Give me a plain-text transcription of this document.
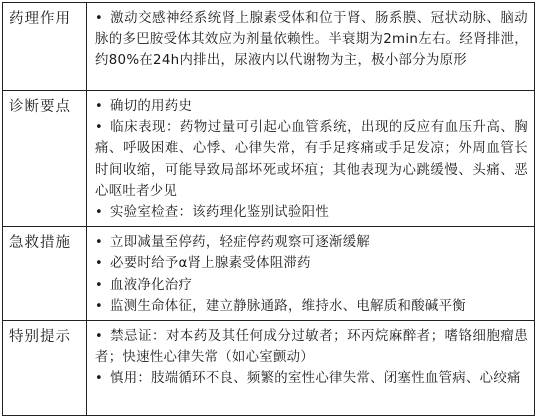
药理作用	• 激动交感神经系统肾上腺素受体和位于肾、肠系膜、冠状动脉、脑动脉的多巴胺受体其效应为剂量依赖性。半衰期为2min左右。经肾排泄，约80%在24h内排出，尿液内以代谢物为主，极小部分为原形

诊断要点	• 确切的用药史
• 临床表现：药物过量可引起心血管系统，出现的反应有血压升高、胸痛、呼吸困难、心悸、心律失常，有手足疼痛或手足发凉；外周血管长时间收缩，可能导致局部坏死或坏疽；其他表现为心跳缓慢、头痛、恶心呕吐者少见
• 实验室检查：该药理化鉴别试验阳性

急救措施	• 立即减量至停药，轻症停药观察可逐渐缓解
• 必要时给予α肾上腺素受体阻滞药
• 血液净化治疗
• 监测生命体征，建立静脉通路，维持水、电解质和酸碱平衡

特别提示	• 禁忌证：对本药及其任何成分过敏者；环丙烷麻醉者；嗜铬细胞瘤患者；快速性心律失常（如心室颤动）
• 慎用：肢端循环不良、频繁的室性心律失常、闭塞性血管病、心绞痛
